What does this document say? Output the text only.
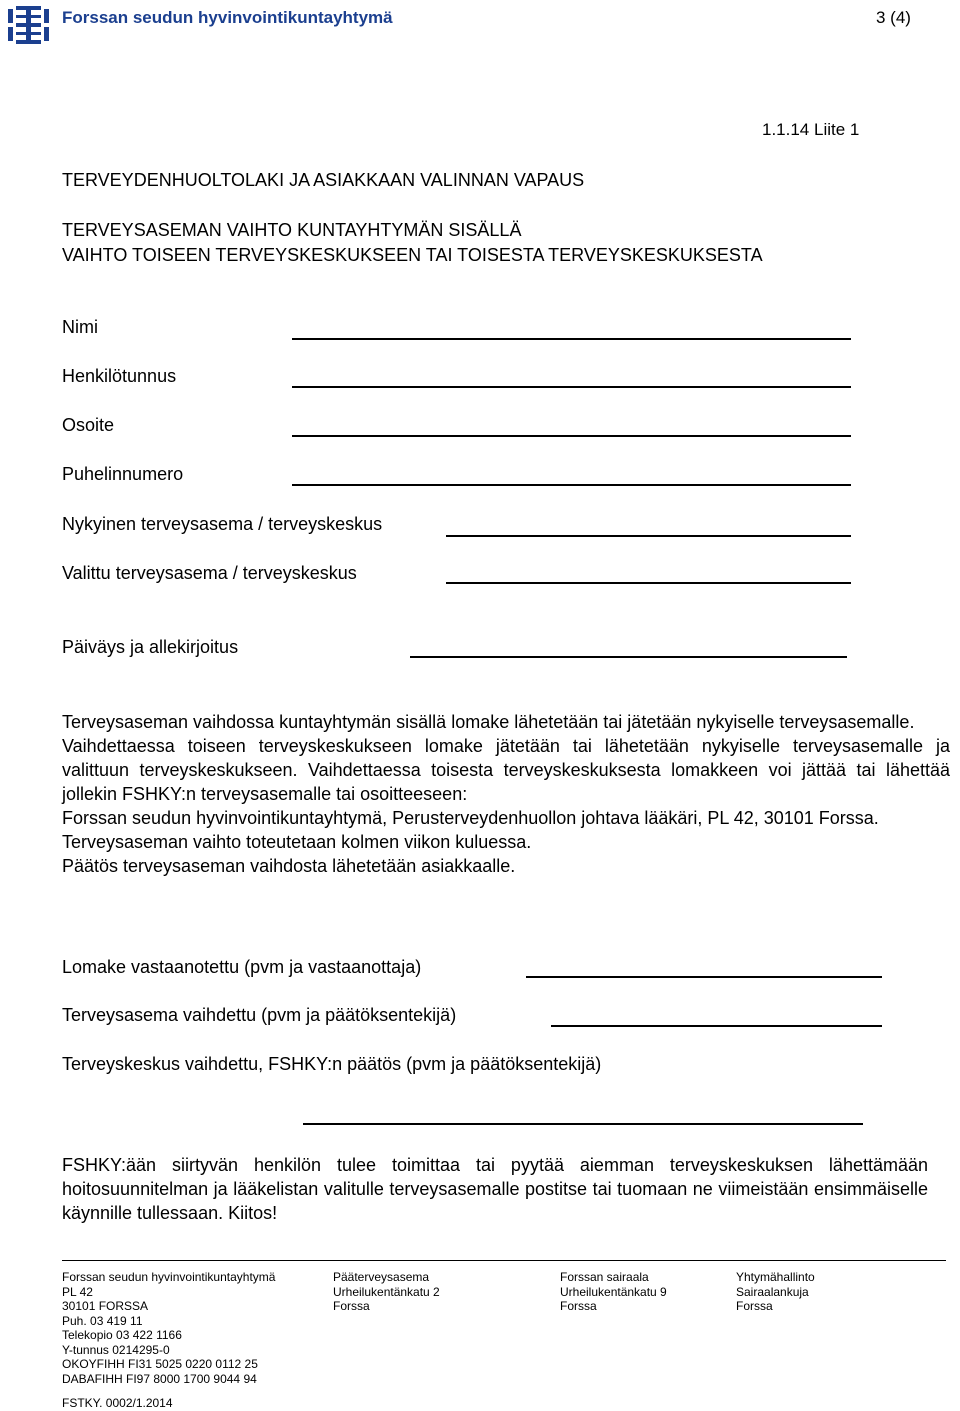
Forssan seudun hyvinvointikuntayhtymä	3 (4)
1.1.14 Liite 1
TERVEYDENHUOLTOLAKI JA ASIAKKAAN VALINNAN VAPAUS
TERVEYSASEMAN VAIHTO KUNTAYHTYMÄN SISÄLLÄ
VAIHTO TOISEEN TERVEYSKESKUKSEEN TAI TOISESTA TERVEYSKESKUKSESTA
Nimi
Henkilötunnus
Osoite
Puhelinnumero
Nykyinen terveysasema / terveyskeskus
Valittu terveysasema / terveyskeskus
Päiväys ja allekirjoitus

Terveysaseman vaihdossa kuntayhtymän sisällä lomake lähetetään tai jätetään nykyiselle terveysasemalle.

Vaihdettaessa toiseen terveyskeskukseen lomake jätetään tai lähetetään nykyiselle terveysasemalle ja valittuun terveyskeskukseen. Vaihdettaessa toisesta terveyskeskuksesta lomakkeen voi jättää tai lähettää jollekin FSHKY:n terveysasemalle tai osoitteeseen:

Forssan seudun hyvinvointikuntayhtymä, Perusterveydenhuollon johtava lääkäri, PL 42, 30101 Forssa.

Terveysaseman vaihto toteutetaan kolmen viikon kuluessa.

Päätös terveysaseman vaihdosta lähetetään asiakkaalle.

Lomake vastaanotettu (pvm ja vastaanottaja)
Terveysasema vaihdettu (pvm ja päätöksentekijä)
Terveyskeskus vaihdettu, FSHKY:n päätös (pvm ja päätöksentekijä)
FSHKY:ään siirtyvän henkilön tulee toimittaa tai pyytää aiemman terveyskeskuksen lähettämään hoitosuunnitelman ja lääkelistan valitulle terveysasemalle postitse tai tuomaan ne viimeistään ensimmäiselle käynnille tullessaan. Kiitos!
Forssan seudun hyvinvointikuntayhtymä
PL 42
30101 FORSSA
Puh. 03 419 11
Telekopio 03 422 1166
Y-tunnus 0214295-0
OKOYFIHH FI31 5025 0220 0112 25
DABAFIHH FI97 8000 1700 9044 94
Pääterveysasema
Urheilukentänkatu 2
Forssa
Forssan sairaala
Urheilukentänkatu 9
Forssa
Yhtymähallinto
Sairaalankuja
Forssa
FSTKY. 0002/1.2014
